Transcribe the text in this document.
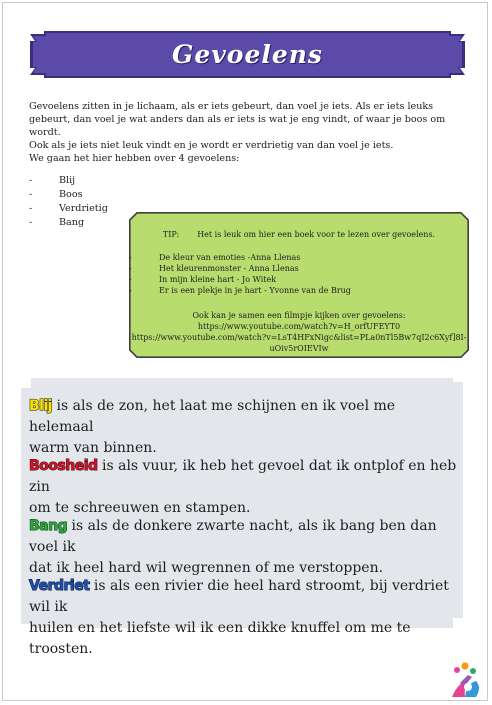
Gevoelens

Gevoelens zitten in je lichaam, als er iets gebeurt, dan voel je iets. Als er iets leuks

gebeurt, dan voel je wat anders dan als er iets is wat je eng vindt, of waar je boos om wordt.

Ook als je iets niet leuk vindt en je wordt er verdrietig van dan voel je iets.

We gaan het hier hebben over 4 gevoelens:

-	Blij
-	Boos
-	Verdrietig
-	Bang
TIP: Het is leuk om hier een boek voor te lezen over gevoelens.
-	De kleur van emoties -Anna Llenas
-	Het kleurenmonster - Anna Llenas
-	In mijn kleine hart - Jo Witek
-	Er is een plekje in je hart - Yvonne van de Brug

Ook kan je samen een filmpje kijken over gevoelens:

https://www.youtube.com/watch?v=H_orfUFEYT0

https://www.youtube.com/watch?v=LsT4HFxNigc&list=PLa0nTl5Bw7qI2c6Xyf]8I-

uOiv5rOIEVIw

Blij is als de zon, het laat me schijnen en ik voel me helemaal

warm van binnen.

Boosheid is als vuur, ik heb het gevoel dat ik ontplof en heb zin

om te schreeuwen en stampen.

Bang is als de donkere zwarte nacht, als ik bang ben dan voel ik

dat ik heel hard wil wegrennen of me verstoppen.

Verdriet is als een rivier die heel hard stroomt, bij verdriet wil ik

huilen en het liefste wil ik een dikke knuffel om me te troosten.
